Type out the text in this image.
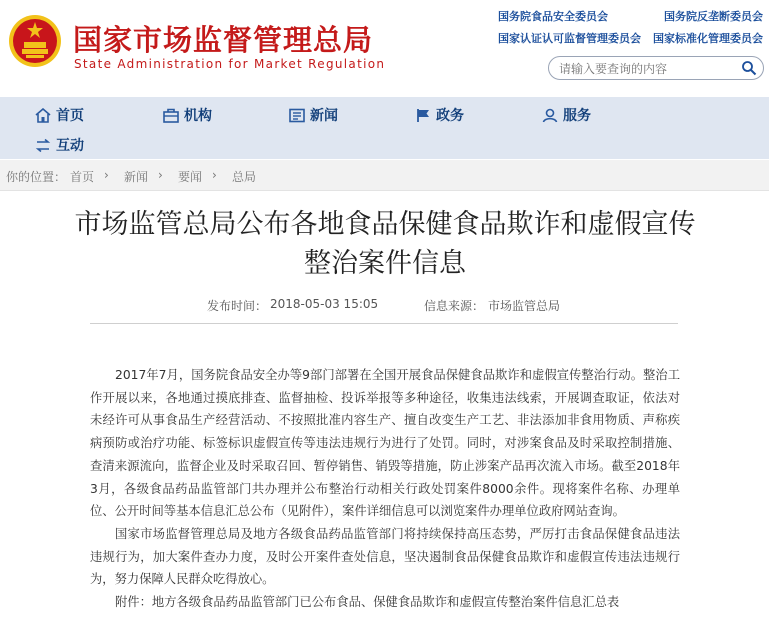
国家市场监督管理总局
State Administration for Market Regulation
国务院食品安全委员会	国务院反垄断委员会
国家认证认可监督管理委员会 国家标准化管理委员会
请输入要查询的内容
首页	机构	新闻	政务	服务
互动
你的位置： 首页 › 新闻 › 要闻 › 总局
市场监管总局公布各地食品保健食品欺诈和虚假宣传整治案件信息
发布时间： 2018-05-03 15:05	信息来源： 市场监管总局

2017年7月，国务院食品安全办等9部门部署在全国开展食品保健食品欺诈和虚假宣传整治行动。整治工作开展以来，各地通过摸底排查、监督抽检、投诉举报等多种途径，收集违法线索，开展调查取证，依法对未经许可从事食品生产经营活动、不按照批准内容生产、擅自改变生产工艺、非法添加非食用物质、声称疾病预防或治疗功能、标签标识虚假宣传等违法违规行为进行了处罚。同时，对涉案食品及时采取控制措施、查清来源流向，监督企业及时采取召回、暂停销售、销毁等措施，防止涉案产品再次流入市场。截至2018年3月，各级食品药品监管部门共办理并公布整治行动相关行政处罚案件8000余件。现将案件名称、办理单位、公开时间等基本信息汇总公布（见附件），案件详细信息可以浏览案件办理单位政府网站查询。

国家市场监督管理总局及地方各级食品药品监管部门将持续保持高压态势，严厉打击食品保健食品违法违规行为，加大案件查办力度，及时公开案件查处信息，坚决遏制食品保健食品欺诈和虚假宣传违法违规行为，努力保障人民群众吃得放心。

附件：地方各级食品药品监管部门已公布食品、保健食品欺诈和虚假宣传整治案件信息汇总表
